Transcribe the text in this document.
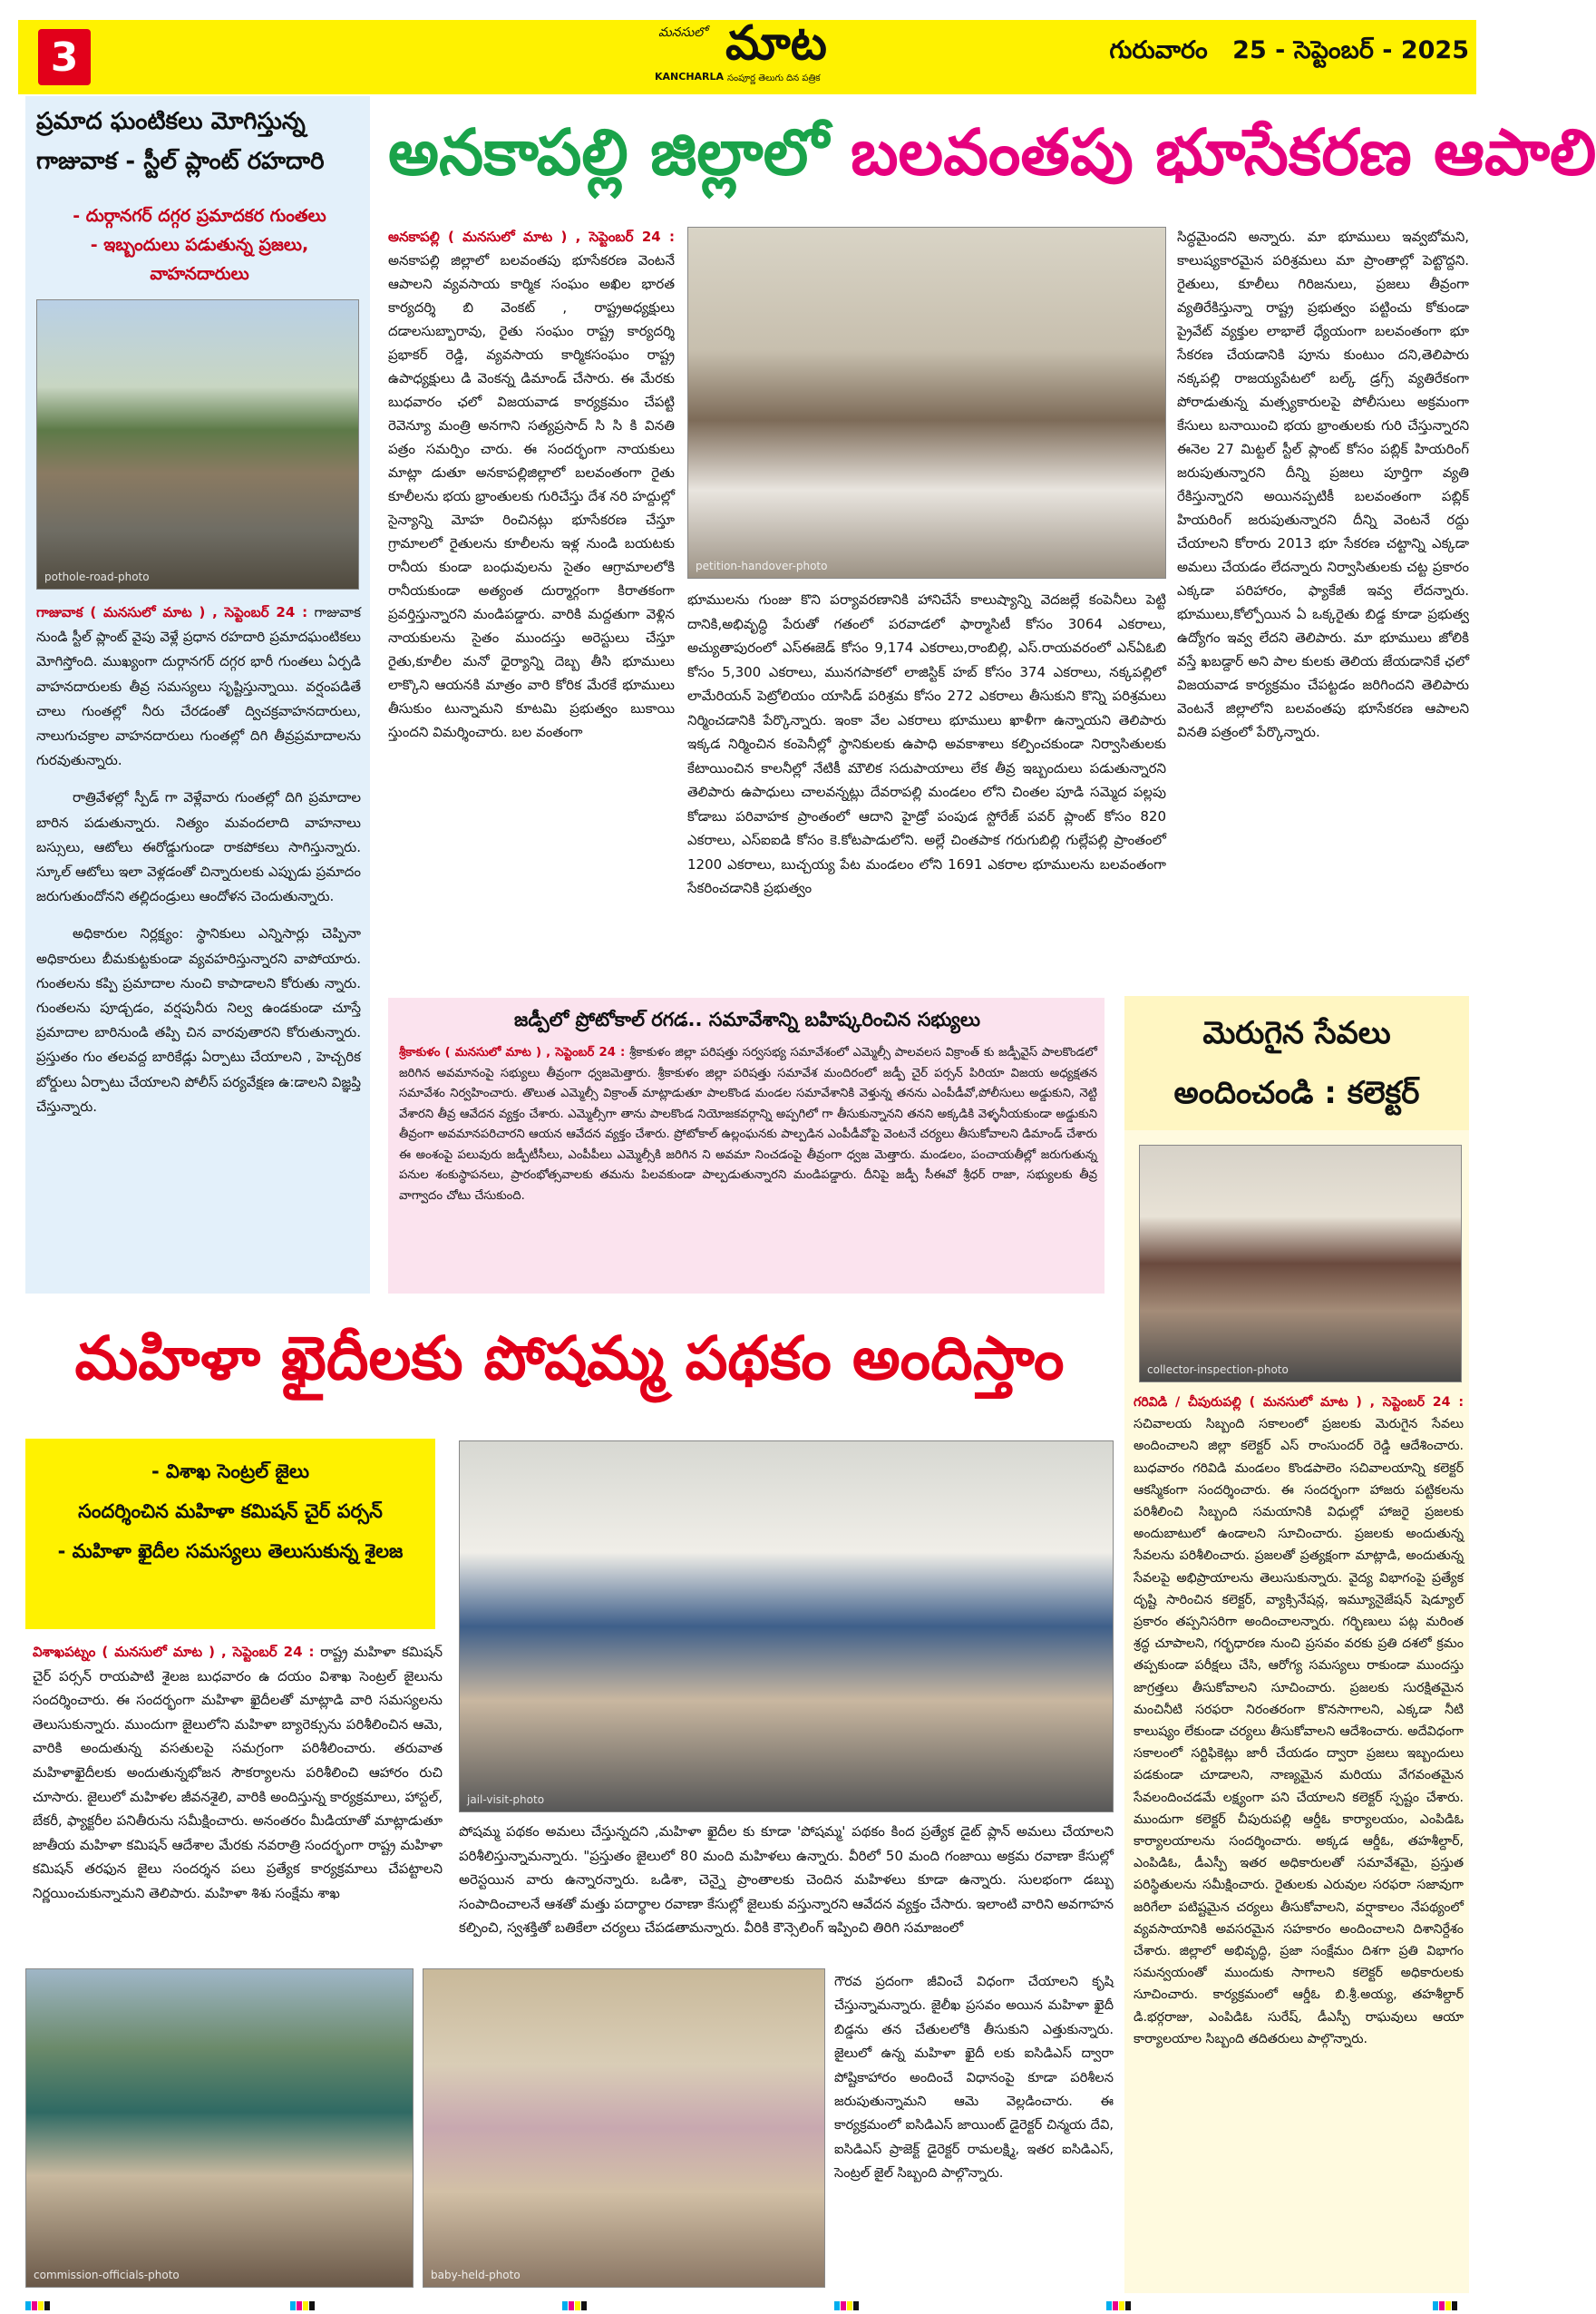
3
మనసులో మాట
KANCHARLA సంపూర్ణ తెలుగు దిన పత్రిక
గురువారం 25 - సెప్టెంబర్ - 2025
ప్రమాద ఘంటికలు మోగిస్తున్న
గాజువాక - స్టీల్ ప్లాంట్ రహదారి
- దుర్గానగర్ దగ్గర ప్రమాదకర గుంతలు
- ఇబ్బందులు పడుతున్న ప్రజలు,
వాహనదారులు
pothole-road-photo

గాజువాక ( మనసులో మాట ) , సెప్టెంబర్ 24 : గాజువాక నుండి స్టీల్ ప్లాంట్ వైపు వెళ్లే ప్రధాన రహదారి ప్రమాదఘంటికలు మోగిస్తోంది. ముఖ్యంగా దుర్గానగర్ దగ్గర భారీ గుంతలు ఏర్పడి వాహనదారులకు తీవ్ర సమస్యలు సృష్టిస్తున్నాయి. వర్షంపడితే చాలు గుంతల్లో నీరు చేరడంతో ద్విచక్రవాహనదారులు, నాలుగుచక్రాల వాహనదారులు గుంతల్లో దిగి తీవ్రప్రమాదాలను గురవుతున్నారు.

రాత్రివేళల్లో స్పీడ్ గా వెళ్లేవారు గుంతల్లో దిగి ప్రమాదాల బారిన పడుతున్నారు. నిత్యం మవందలాది వాహనాలు బస్సులు, ఆటోలు ఈరోడ్డుగుండా రాకపోకలు సాగిస్తున్నారు. స్కూల్ ఆటోలు ఇలా వెళ్లడంతో చిన్నారులకు ఎప్పుడు ప్రమాదం జరుగుతుందోనని తల్లిదండ్రులు ఆందోళన చెందుతున్నారు.

అధికారుల నిర్లక్ష్యం: స్థానికులు ఎన్నిసార్లు చెప్పినా అధికారులు బీమకుట్టకుండా వ్యవహరిస్తున్నారని వాపోయారు. గుంతలను కప్పి ప్రమాదాల నుంచి కాపాడాలని కోరుతు న్నారు. గుంతలను పూడ్చడం, వర్షపునీరు నిల్వ ఉండకుండా చూస్తే ప్రమాదాల బారినుండి తప్పి చిన వారవుతారని కోరుతున్నారు. ప్రస్తుతం గుం తలవద్ద బారికేడ్లు ఏర్పాటు చేయాలని , హెచ్చరిక బోర్డులు ఏర్పాటు చేయాలని పోలీస్ పర్యవేక్షణ ఉ:డాలని విజ్ఞప్తి చేస్తున్నారు.

అనకాపల్లి జిల్లాలో బలవంతపు భూసేకరణ ఆపాలి
అనకాపల్లి ( మనసులో మాట ) , సెప్టెంబర్ 24 : అనకాపల్లి జిల్లాలో బలవంతపు భూసేకరణ వెంటనే ఆపాలని వ్యవసాయ కార్మిక సంఘం అఖిల భారత కార్యదర్శి బి వెంకట్ , రాష్ట్రఅధ్యక్షులు దడాలసుబ్బారావు, రైతు సంఘం రాష్ట్ర కార్యదర్శి ప్రభాకర్ రెడ్డి, వ్యవసాయ కార్మికసంఘం రాష్ట్ర ఉపాధ్యక్షులు డి వెంకన్న డిమాండ్ చేసారు. ఈ మేరకు బుధవారం ఛలో విజయవాడ కార్యక్రమం చేపట్టి రెవెన్యూ మంత్రి అనగాని సత్యప్రసాద్ సి సి కి వినతి పత్రం సమర్పిం చారు. ఈ సందర్భంగా నాయకులు మాట్లా డుతూ అనకాపల్లిజిల్లాలో బలవంతంగా రైతు కూలీలను భయ భ్రాంతులకు గురిచేస్తు దేశ నరి హద్దుల్లో సైన్యాన్ని మోహ రించినట్లు భూసేకరణ చేస్తూ గ్రామాలలో రైతులను కూలీలను ఇళ్ల నుండి బయటకు రానీయ కుండా బంధువులను సైతం ఆగ్రామాలలోకి రానీయకుండా అత్యంత దుర్మార్గంగా కిరాతకంగా ప్రవర్తిస్తున్నారని మండిపడ్డారు. వారికి మద్దతుగా వెళ్లిన నాయకులను సైతం ముందస్తు అరెస్టులు చేస్తూ రైతు,కూలీల మనో ధైర్యాన్ని దెబ్బ తీసి భూములు లాక్కొని ఆయనకి మాత్రం వారి కోరిక మేరకే భూములు తీసుకుం టున్నామని కూటమి ప్రభుత్వం బుకాయి స్తుందని విమర్శించారు. బల వంతంగా
petition-handover-photo
భూములను గుంజు కొని పర్యావరణానికి హానిచేసే కాలుష్యాన్ని వెదజల్లే కంపెనీలు పెట్టి దానికి,అభివృద్ధి పేరుతో గతంలో పరవాడలో ఫార్మాసిటీ కోసం 3064 ఎకరాలు, అచ్యుతాపురంలో ఎస్ఈజెడ్ కోసం 9,174 ఎకరాలు,రాంబిల్లి, ఎస్.రాయవరంలో ఎన్ఏఓబి కోసం 5,300 ఎకరాలు, మునగపాకలో లాజిస్టిక్ హబ్ కోసం 374 ఎకరాలు, నక్కపల్లిలో లామేరియన్ పెట్రోలియం యాసిడ్ పరిశ్రమ కోసం 272 ఎకరాలు తీసుకుని కొన్ని పరిశ్రమలు నిర్మించడానికి పేర్కొన్నారు. ఇంకా వేల ఎకరాలు భూములు ఖాళీగా ఉన్నాయని తెలిపారు ఇక్కడ నిర్మించిన కంపెనీల్లో స్థానికులకు ఉపాధి అవకాశాలు కల్పించకుండా నిర్వాసితులకు కేటాయించిన కాలనీల్లో నేటికీ మౌలిక సదుపాయాలు లేక తీవ్ర ఇబ్బందులు పడుతున్నారని తెలిపారు ఉపాధులు చాలవన్నట్లు దేవరాపల్లి మండలం లోని చింతల పూడి సమ్మెద పల్లపు కోడాబు పరివాహక ప్రాంతంలో ఆదాని హైడ్రో పంపుడ స్టోరేజ్ పవర్ ప్లాంట్ కోసం 820 ఎకరాలు, ఎస్ఐఐడి కోసం కె.కోటపాడులోని. అల్లే చింతపాక గరుగుబిల్లి గుల్లేపల్లి ప్రాంతంలో 1200 ఎకరాలు, బుచ్చయ్య పేట మండలం లోని 1691 ఎకరాల భూములను బలవంతంగా సేకరించడానికి ప్రభుత్వం
సిద్ధమైందని అన్నారు. మా భూములు ఇవ్వబోమని, కాలుష్యకారమైన పరిశ్రమలు మా ప్రాంతాల్లో పెట్టొద్దని. రైతులు, కూలీలు గిరిజనులు, ప్రజలు తీవ్రంగా వ్యతిరేకిస్తున్నా రాష్ట్ర ప్రభుత్వం పట్టించు కోకుండా ప్రైవేట్ వ్యక్తుల లాభాలే ధ్యేయంగా బలవంతంగా భూ సేకరణ చేయడానికి పూను కుంటుం దని,తెలిపారు నక్కపల్లి రాజయ్యపేటలో బల్క్ డ్రగ్స్ వ్యతిరేకంగా పోరాడుతున్న మత్స్యకారులపై పోలీసులు అక్రమంగా కేసులు బనాయించి భయ భ్రాంతులకు గురి చేస్తున్నారని ఈనెల 27 మిట్టల్ స్టీల్ ప్లాంట్ కోసం పబ్లిక్ హియరింగ్ జరుపుతున్నారని దీన్ని ప్రజలు పూర్తిగా వ్యతి రేకిస్తున్నారని అయినప్పటికీ బలవంతంగా పబ్లిక్ హియరింగ్ జరుపుతున్నారని దీన్ని వెంటనే రద్దు చేయాలని కోరారు 2013 భూ సేకరణ చట్టాన్ని ఎక్కడా అమలు చేయడం లేదన్నారు నిర్వాసితులకు చట్ట ప్రకారం ఎక్కడా పరిహారం, ఫ్యాకేజీ ఇవ్వ లేదన్నారు. భూములు,కోల్పోయిన ఏ ఒక్కరైతు బిడ్డ కూడా ప్రభుత్వ ఉద్యోగం ఇవ్వ లేదని తెలిపారు. మా భూములు జోలికి వస్తే ఖబడ్దార్ అని పాల కులకు తెలియ జేయడానికే ఛలో విజయవాడ కార్యక్రమం చేపట్టడం జరిగిందని తెలిపారు వెంటనే జిల్లాలోని బలవంతపు భూసేకరణ ఆపాలని వినతి పత్రంలో పేర్కొన్నారు.
జడ్పీలో ప్రోటోకాల్ రగడ.. సమావేశాన్ని బహిష్కరించిన సభ్యులు
శ్రీకాకుళం ( మనసులో మాట ) , సెప్టెంబర్ 24 : శ్రీకాకుళం జిల్లా పరిషత్తు సర్వసభ్య సమావేశంలో ఎమ్మెల్సీ పాలవలస విక్రాంత్ కు జడ్పీవైస్ పాలకొండలో జరిగిన అవమానంపై సభ్యులు తీవ్రంగా ధ్వజమెత్తారు. శ్రీకాకుళం జిల్లా పరిషత్తు సమావేశ మందిరంలో జడ్పీ చైర్ పర్సన్ పిరియా విజయ అధ్యక్షతన సమావేశం నిర్వహించారు. తొలుత ఎమ్మెల్సీ విక్రాంత్ మాట్లాడుతూ పాలకొండ మండల సమావేశానికి వెళ్తున్న తనను ఎంపీడీవో,పోలీసులు అడ్డుకుని, నెట్టి వేశారని తీవ్ర ఆవేదన వ్యక్తం చేశారు. ఎమ్మెల్సీగా తాను పాలకొండ నియోజకవర్గాన్ని అప్పగిలో గా తీసుకున్నానని తనని అక్కడికి వెళ్ళనీయకుండా అడ్డుకుని తీవ్రంగా అవమానపరిచారని ఆయన ఆవేదన వ్యక్తం చేశారు. ప్రోటోకాల్ ఉల్లంఘనకు పాల్పడిన ఎంపీడీవోపై వెంటనే చర్యలు తీసుకోవాలని డిమాండ్ చేశారు ఈ అంశంపై పలువురు జడ్పీటీసీలు, ఎంపీపీలు ఎమ్మెల్సీకి జరిగిన ని అవమా నించడంపై తీవ్రంగా ధ్వజ మెత్తారు. మండలం, పంచాయతీల్లో జరుగుతున్న పనుల శంకుస్థాపనలు, ప్రారంభోత్సవాలకు తమను పిలవకుండా పాల్పడుతున్నారని మండిపడ్డారు. దీనిపై జడ్పీ సీఈవో శ్రీధర్ రాజా, సభ్యులకు తీవ్ర వాగ్వాదం చోటు చేసుకుంది.
మెరుగైన సేవలు
అందించండి : కలెక్టర్
collector-inspection-photo
గరివిడి / చీపురుపల్లి ( మనసులో మాట ) , సెప్టెంబర్ 24 : సచివాలయ సిబ్బంది సకాలంలో ప్రజలకు మెరుగైన సేవలు అందించాలని జిల్లా కలెక్టర్ ఎస్ రాంసుందర్ రెడ్డి ఆదేశించారు. బుధవారం గరివిడి మండలం కొండపాలెం సచివాలయాన్ని కలెక్టర్ ఆకస్మికంగా సందర్శించారు. ఈ సందర్భంగా హాజరు పట్టికలను పరిశీలించి సిబ్బంది సమయానికి విధుల్లో హాజరై ప్రజలకు అందుబాటులో ఉండాలని సూచించారు. ప్రజలకు అందుతున్న సేవలను పరిశీలించారు. ప్రజలతో ప్రత్యక్షంగా మాట్లాడి, అందుతున్న సేవలపై అభిప్రాయాలను తెలుసుకున్నారు. వైద్య విభాగంపై ప్రత్యేక దృష్టి సారించిన కలెక్టర్, వ్యాక్సినేషన్ల, ఇమ్యూనైజేషన్ షెడ్యూల్ ప్రకారం తప్పనిసరిగా అందించాలన్నారు. గర్భిణులు పట్ల మరింత శ్రద్ధ చూపాలని, గర్భధారణ నుంచి ప్రసవం వరకు ప్రతి దశలో క్రమం తప్పకుండా పరీక్షలు చేసి, ఆరోగ్య సమస్యలు రాకుండా ముందస్తు జాగ్రత్తలు తీసుకోవాలని సూచించారు. ప్రజలకు సురక్షితమైన మంచినీటి సరఫరా నిరంతరంగా కొనసాగాలని, ఎక్కడా నీటి కాలుష్యం లేకుండా చర్యలు తీసుకోవాలని ఆదేశించారు. అదేవిధంగా సకాలంలో సర్టిఫికెట్లు జారీ చేయడం ద్వారా ప్రజలు ఇబ్బందులు పడకుండా చూడాలని, నాణ్యమైన మరియు వేగవంతమైన సేవలందించడమే లక్ష్యంగా పని చేయాలని కలెక్టర్ స్పష్టం చేశారు. ముందుగా కలెక్టర్ చీపురుపల్లి ఆర్డీఓ కార్యాలయం, ఎంపిడిఓ కార్యాలయాలను సందర్శించారు. అక్కడ ఆర్డీఓ, తహశీల్దార్, ఎంపిడిఓ, డీఎస్పీ ఇతర అధికారులతో సమావేశమై, ప్రస్తుత పరిస్థితులను సమీక్షించారు. రైతులకు ఎరువుల సరఫరా సజావుగా జరిగేలా పటిష్టమైన చర్యలు తీసుకోవాలని, వర్షాకాలం నేపథ్యంలో వ్యవసాయానికి అవసరమైన సహకారం అందించాలని దిశానిర్దేశం చేశారు. జిల్లాలో అభివృద్ధి, ప్రజా సంక్షేమం దిశగా ప్రతి విభాగం సమన్వయంతో ముందుకు సాగాలని కలెక్టర్ అధికారులకు సూచించారు. కార్యక్రమంలో ఆర్డీఓ బి.శ్రీ.అయ్య, తహశీల్దార్ డి.భర్గరాజు, ఎంపిడిఓ సురేష్, డీఎస్పీ రాఘవులు ఆయా కార్యాలయాల సిబ్బంది తదితరులు పాల్గొన్నారు.
మహిళా ఖైదీలకు పోషమ్మ పథకం అందిస్తాం
- విశాఖ సెంట్రల్ జైలు
సందర్శించిన మహిళా కమిషన్ చైర్ పర్సన్
- మహిళా ఖైదీల సమస్యలు తెలుసుకున్న శైలజ
jail-visit-photo
విశాఖపట్నం ( మనసులో మాట ) , సెప్టెంబర్ 24 : రాష్ట్ర మహిళా కమిషన్ చైర్ పర్సన్ రాయపాటి శైలజ బుధవారం ఉ దయం విశాఖ సెంట్రల్ జైలును సందర్శించారు. ఈ సందర్భంగా మహిళా ఖైదీలతో మాట్లాడి వారి సమస్యలను తెలుసుకున్నారు. ముందుగా జైలులోని మహిళా బ్యారెక్సును పరిశీలించిన ఆమె, వారికి అందుతున్న వసతులపై సమగ్రంగా పరిశీలించారు. తరువాత మహిళాఖైదీలకు అందుతున్నభోజన సౌకర్యాలను పరిశీలించి ఆహారం రుచి చూసారు. జైలులో మహిళల జీవనశైలి, వారికి అందిస్తున్న కార్యక్రమాలు, హాస్టల్, బేకరీ, ఫ్యాక్టరీల పనితీరును సమీక్షించారు. అనంతరం మీడియాతో మాట్లాడుతూ జాతీయ మహిళా కమిషన్ ఆదేశాల మేరకు నవరాత్రి సందర్భంగా రాష్ట్ర మహిళా కమిషన్ తరఫున జైలు సందర్శన పలు ప్రత్యేక కార్యక్రమాలు చేపట్టాలని నిర్ణయించుకున్నామని తెలిపారు. మహిళా శిశు సంక్షేమ శాఖ
పోషమ్మ పథకం అమలు చేస్తున్నదని ,మహిళా ఖైదీల కు కూడా 'పోషమ్మ' పథకం కింద ప్రత్యేక డైట్ ప్లాన్ అమలు చేయాలని పరిశీలిస్తున్నామన్నారు. "ప్రస్తుతం జైలులో 80 మంది మహిళలు ఉన్నారు. వీరిలో 50 మంది గంజాయి అక్రమ రవాణా కేసుల్లో అరెస్టయిన వారు ఉన్నారన్నారు. ఒడిశా, చెన్నై ప్రాంతాలకు చెందిన మహిళలు కూడా ఉన్నారు. సులభంగా డబ్బు సంపాదించాలనే ఆశతో మత్తు పదార్థాల రవాణా కేసుల్లో జైలుకు వస్తున్నారని ఆవేదన వ్యక్తం చేసారు. ఇలాంటి వారిని అవగాహన కల్పించి, స్వశక్తితో బతికేలా చర్యలు చేపడతామన్నారు. వీరికి కౌన్సెలింగ్ ఇప్పించి తిరిగి సమాజంలో
commission-officials-photo	baby-held-photo
గౌరవ ప్రదంగా జీవించే విధంగా చేయాలని కృషి చేస్తున్నామన్నారు. జైలీఖ ప్రసవం అయిన మహిళా ఖైదీ బిడ్డను తన చేతులలోకి తీసుకుని ఎత్తుకున్నారు. జైలులో ఉన్న మహిళా ఖైదీ లకు ఐసిడిఎస్ ద్వారా పోష్టికాహారం అందించే విధానంపై కూడా పరిశీలన జరుపుతున్నామని ఆమె వెల్లడించారు. ఈ కార్యక్రమంలో ఐసిడిఎస్ జాయింట్ డైరెక్టర్ చిన్మయ దేవి, ఐసిడిఎస్ ప్రాజెక్ట్ డైరెక్టర్ రామలక్ష్మి, ఇతర ఐసిడిఎస్, సెంట్రల్ జైల్ సిబ్బంది పాల్గొన్నారు.
